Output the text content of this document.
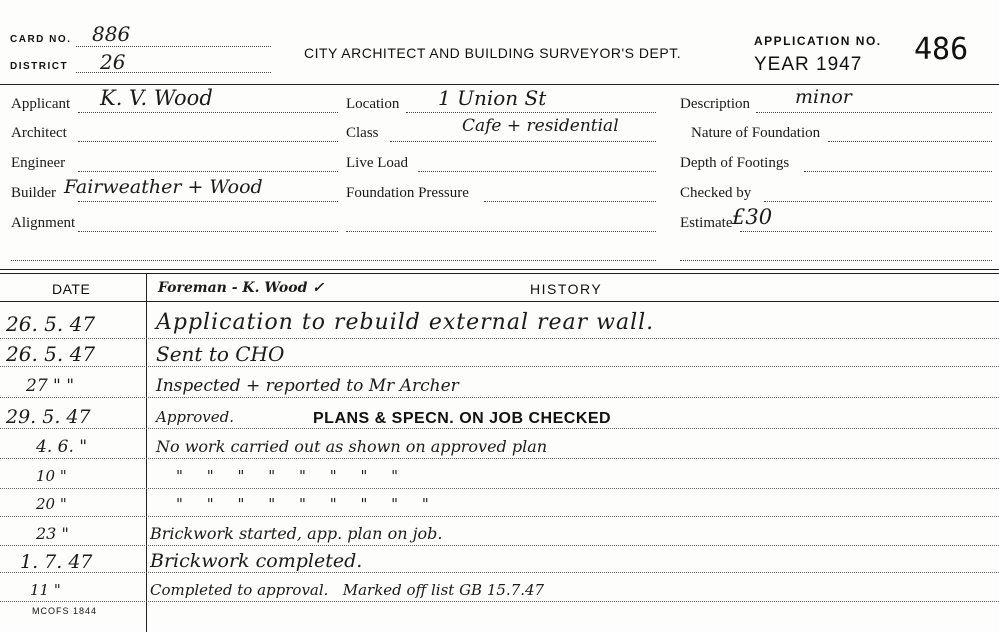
CARD NO. 886
DISTRICT 26	CITY ARCHITECT AND BUILDING SURVEYOR'S DEPT.
APPLICATION NO.
YEAR 1947 486
Applicant K. V. Wood
Architect
Engineer
Builder Fairweather + Wood
Alignment
Location 1 Union St
Class	Cafe + residential
Live Load
Foundation Pressure
Description minor
Nature of Foundation
Depth of Footings
Checked by
Estimate £30
DATE	Foreman - K. Wood ✓	HISTORY
26. 5. 47	Application to rebuild external rear wall.
26. 5. 47	Sent to CHO
27 " "	Inspected + reported to Mr Archer
29. 5. 47	Approved.	PLANS & SPECN. ON JOB CHECKED
4. 6. "	No work carried out as shown on approved plan
10 "	"     "     "     "     "     "     "     "
20 "	"     "     "     "     "     "     "     "     "
23 "	Brickwork started, app. plan on job.
1. 7. 47	Brickwork completed.
11 "	Completed to approval.   Marked off list GB 15.7.47
MCOFS 1844
